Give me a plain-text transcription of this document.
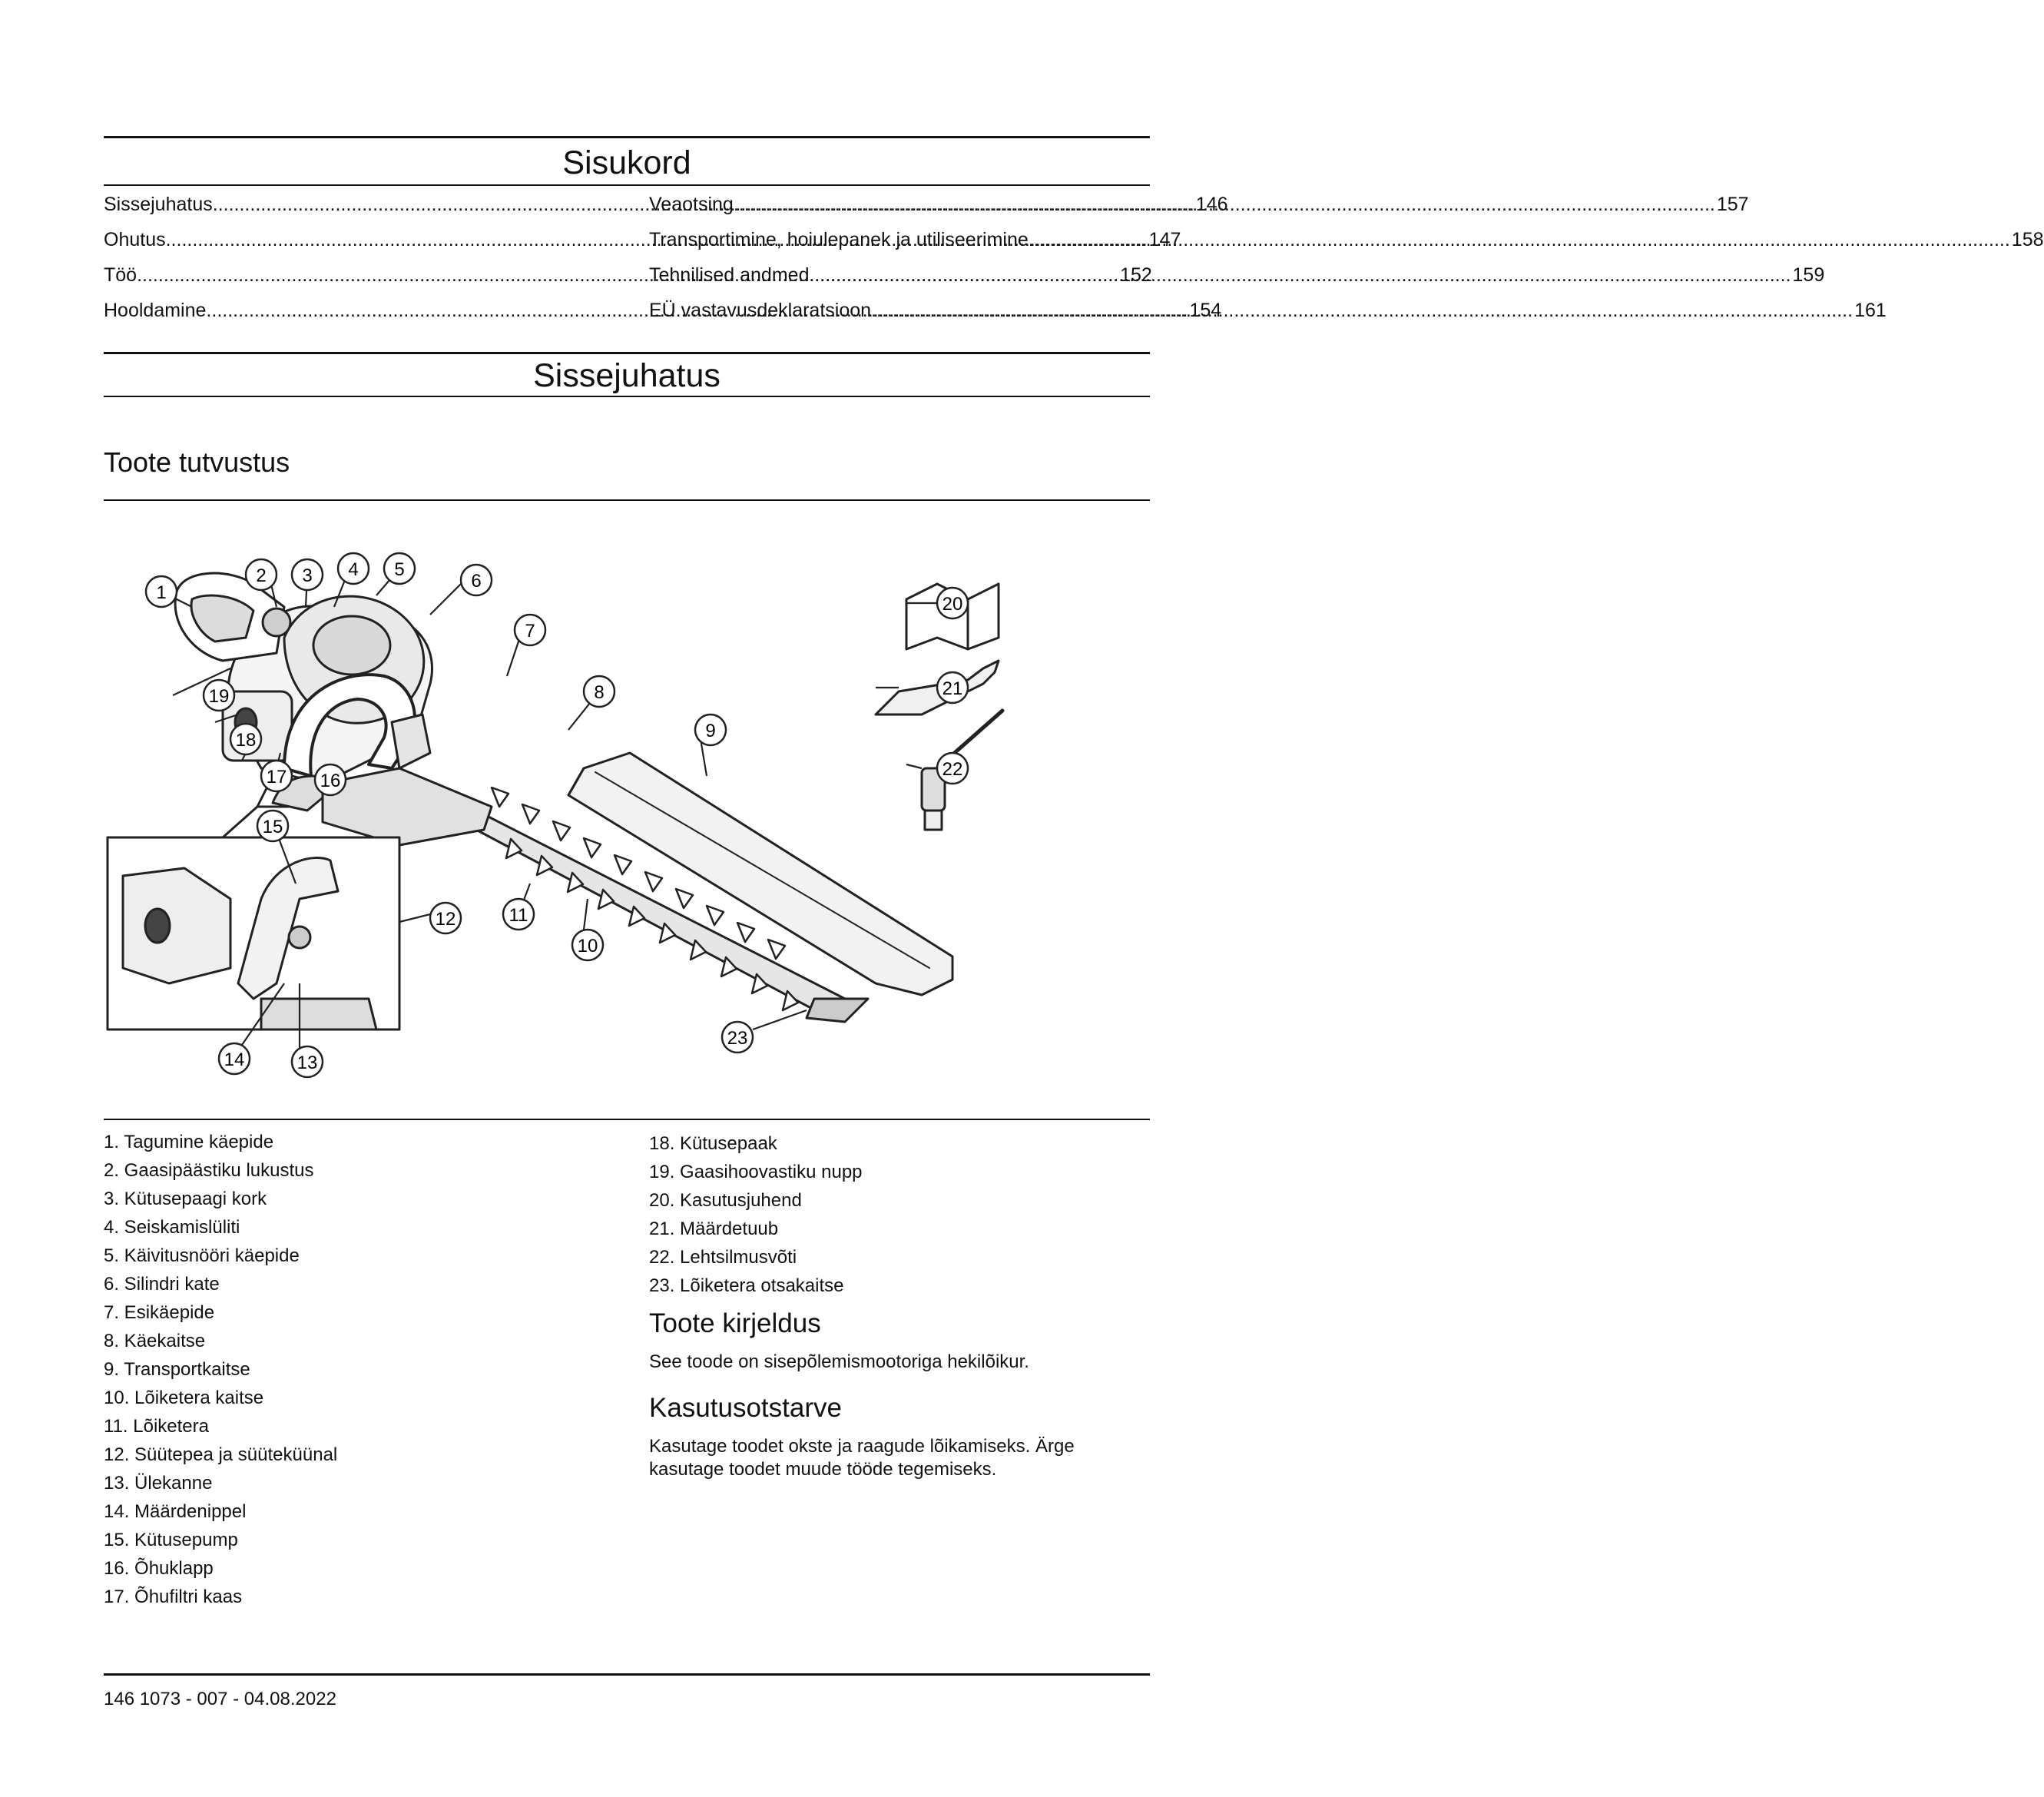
Sisukord
Sissejuhatus .....	146
Ohutus .....	147
Töö .....	152
Hooldamine .....	154
Veaotsing .....	157
Transportimine, hoiulepanek ja utiliseerimine .....	158
Tehnilised andmed .....	159
EÜ vastavusdeklaratsioon .....	161
Sissejuhatus
Toote tutvustus
1
2 3 4 5
6
7
8
9
10
11
12
13
14
15
16
17
18
19
20
21
22
23
1. Tagumine käepide
2. Gaasipäästiku lukustus
3. Kütusepaagi kork
4. Seiskamislüliti
5. Käivitusnööri käepide
6. Silindri kate
7. Esikäepide
8. Käekaitse
9. Transportkaitse
10. Lõiketera kaitse
11. Lõiketera
12. Süütepea ja süüteküünal
13. Ülekanne
14. Määrdenippel
15. Kütusepump
16. Õhuklapp
17. Õhufiltri kaas
18. Kütusepaak
19. Gaasihoovastiku nupp
20. Kasutusjuhend
21. Määrdetuub
22. Lehtsilmusvõti
23. Lõiketera otsakaitse
Toote kirjeldus

See toode on sisepõlemismootoriga hekilõikur.

Kasutusotstarve

Kasutage toodet okste ja raagude lõikamiseks. Ärge

kasutage toodet muude tööde tegemiseks.

146 1073 - 007 - 04.08.2022
